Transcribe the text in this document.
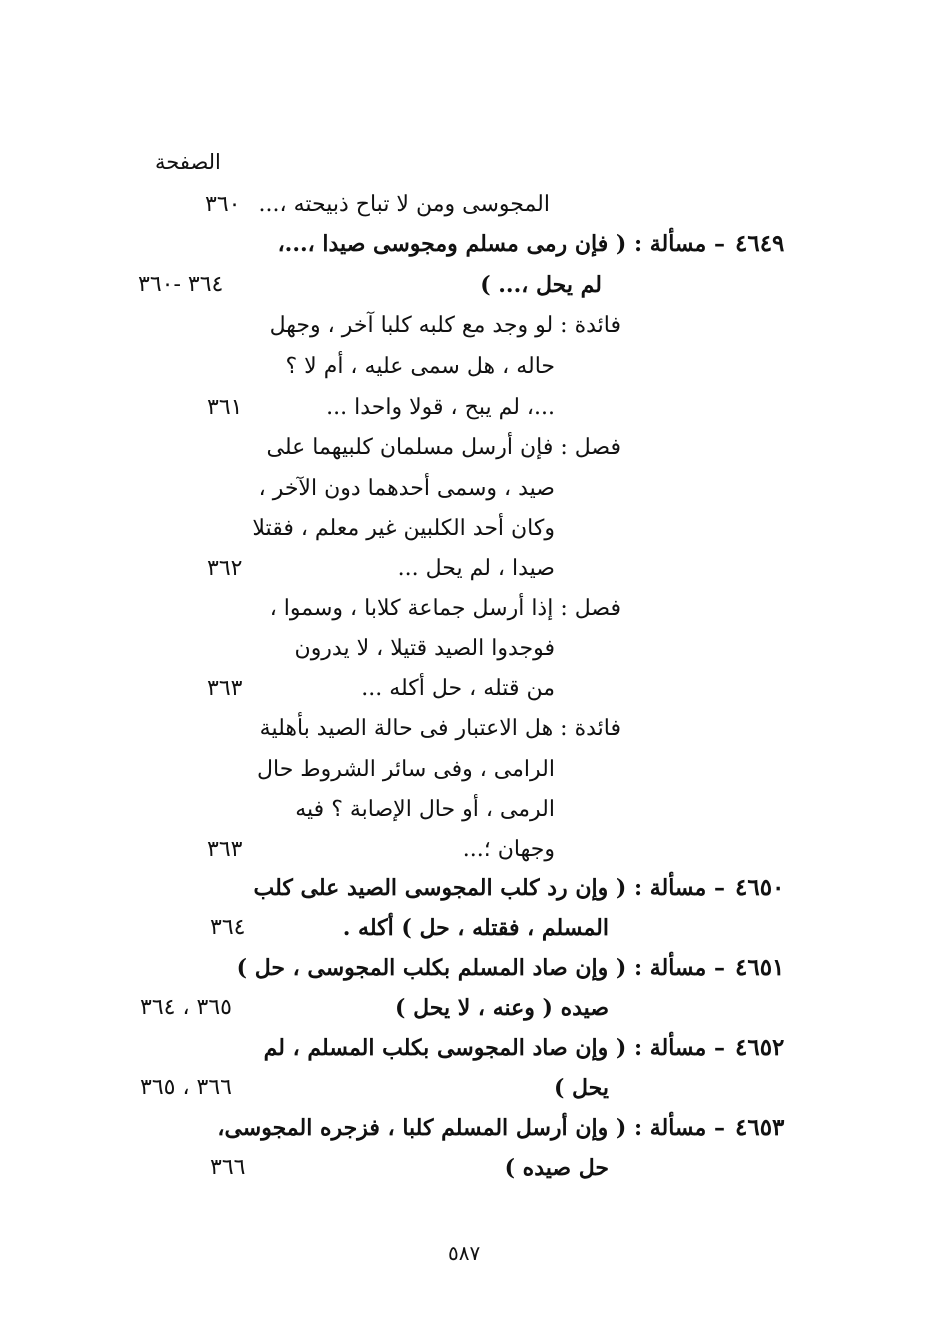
الصفحة
المجوسى ومن لا تباح ذبيحته ،...
٣٦٠
٤٦٤٩
– مسألة : ( فإن رمى مسلم ومجوسى صيدا ،...،
لم يحل ،... )
٣٦٤ -٣٦٠
فائدة : لو وجد مع كلبه كلبا آخر ، وجهل
حاله ، هل سمى عليه ، أم لا ؟
...، لم يبح ، قولا واحدا ...
٣٦١
فصل : فإن أرسل مسلمان كلبيهما على
صيد ، وسمى أحدهما دون الآخر ،
وكان أحد الكلبين غير معلم ، فقتلا
صيدا ، لم يحل ...
٣٦٢
فصل : إذا أرسل جماعة كلابا ، وسموا ،
فوجدوا الصيد قتيلا ، لا يدرون
من قتله ، حل أكله ...
٣٦٣
فائدة : هل الاعتبار فى حالة الصيد بأهلية
الرامى ، وفى سائر الشروط حال
الرمى ، أو حال الإصابة ؟ فيه
وجهان ؛...
٣٦٣
٤٦٥٠
– مسألة : ( وإن رد كلب المجوسى الصيد على كلب
المسلم ، فقتله ، حل ) أكله .
٣٦٤
٤٦٥١
– مسألة : ( وإن صاد المسلم بكلب المجوسى ، حل )
صيده ( وعنه ، لا يحل )
٣٦٥ ، ٣٦٤
٤٦٥٢
– مسألة : ( وإن صاد المجوسى بكلب المسلم ، لم
يحل )
٣٦٦ ، ٣٦٥
٤٦٥٣
– مسألة : ( وإن أرسل المسلم كلبا ، فزجره المجوسى،
حل صيده )
٣٦٦
٥٨٧
